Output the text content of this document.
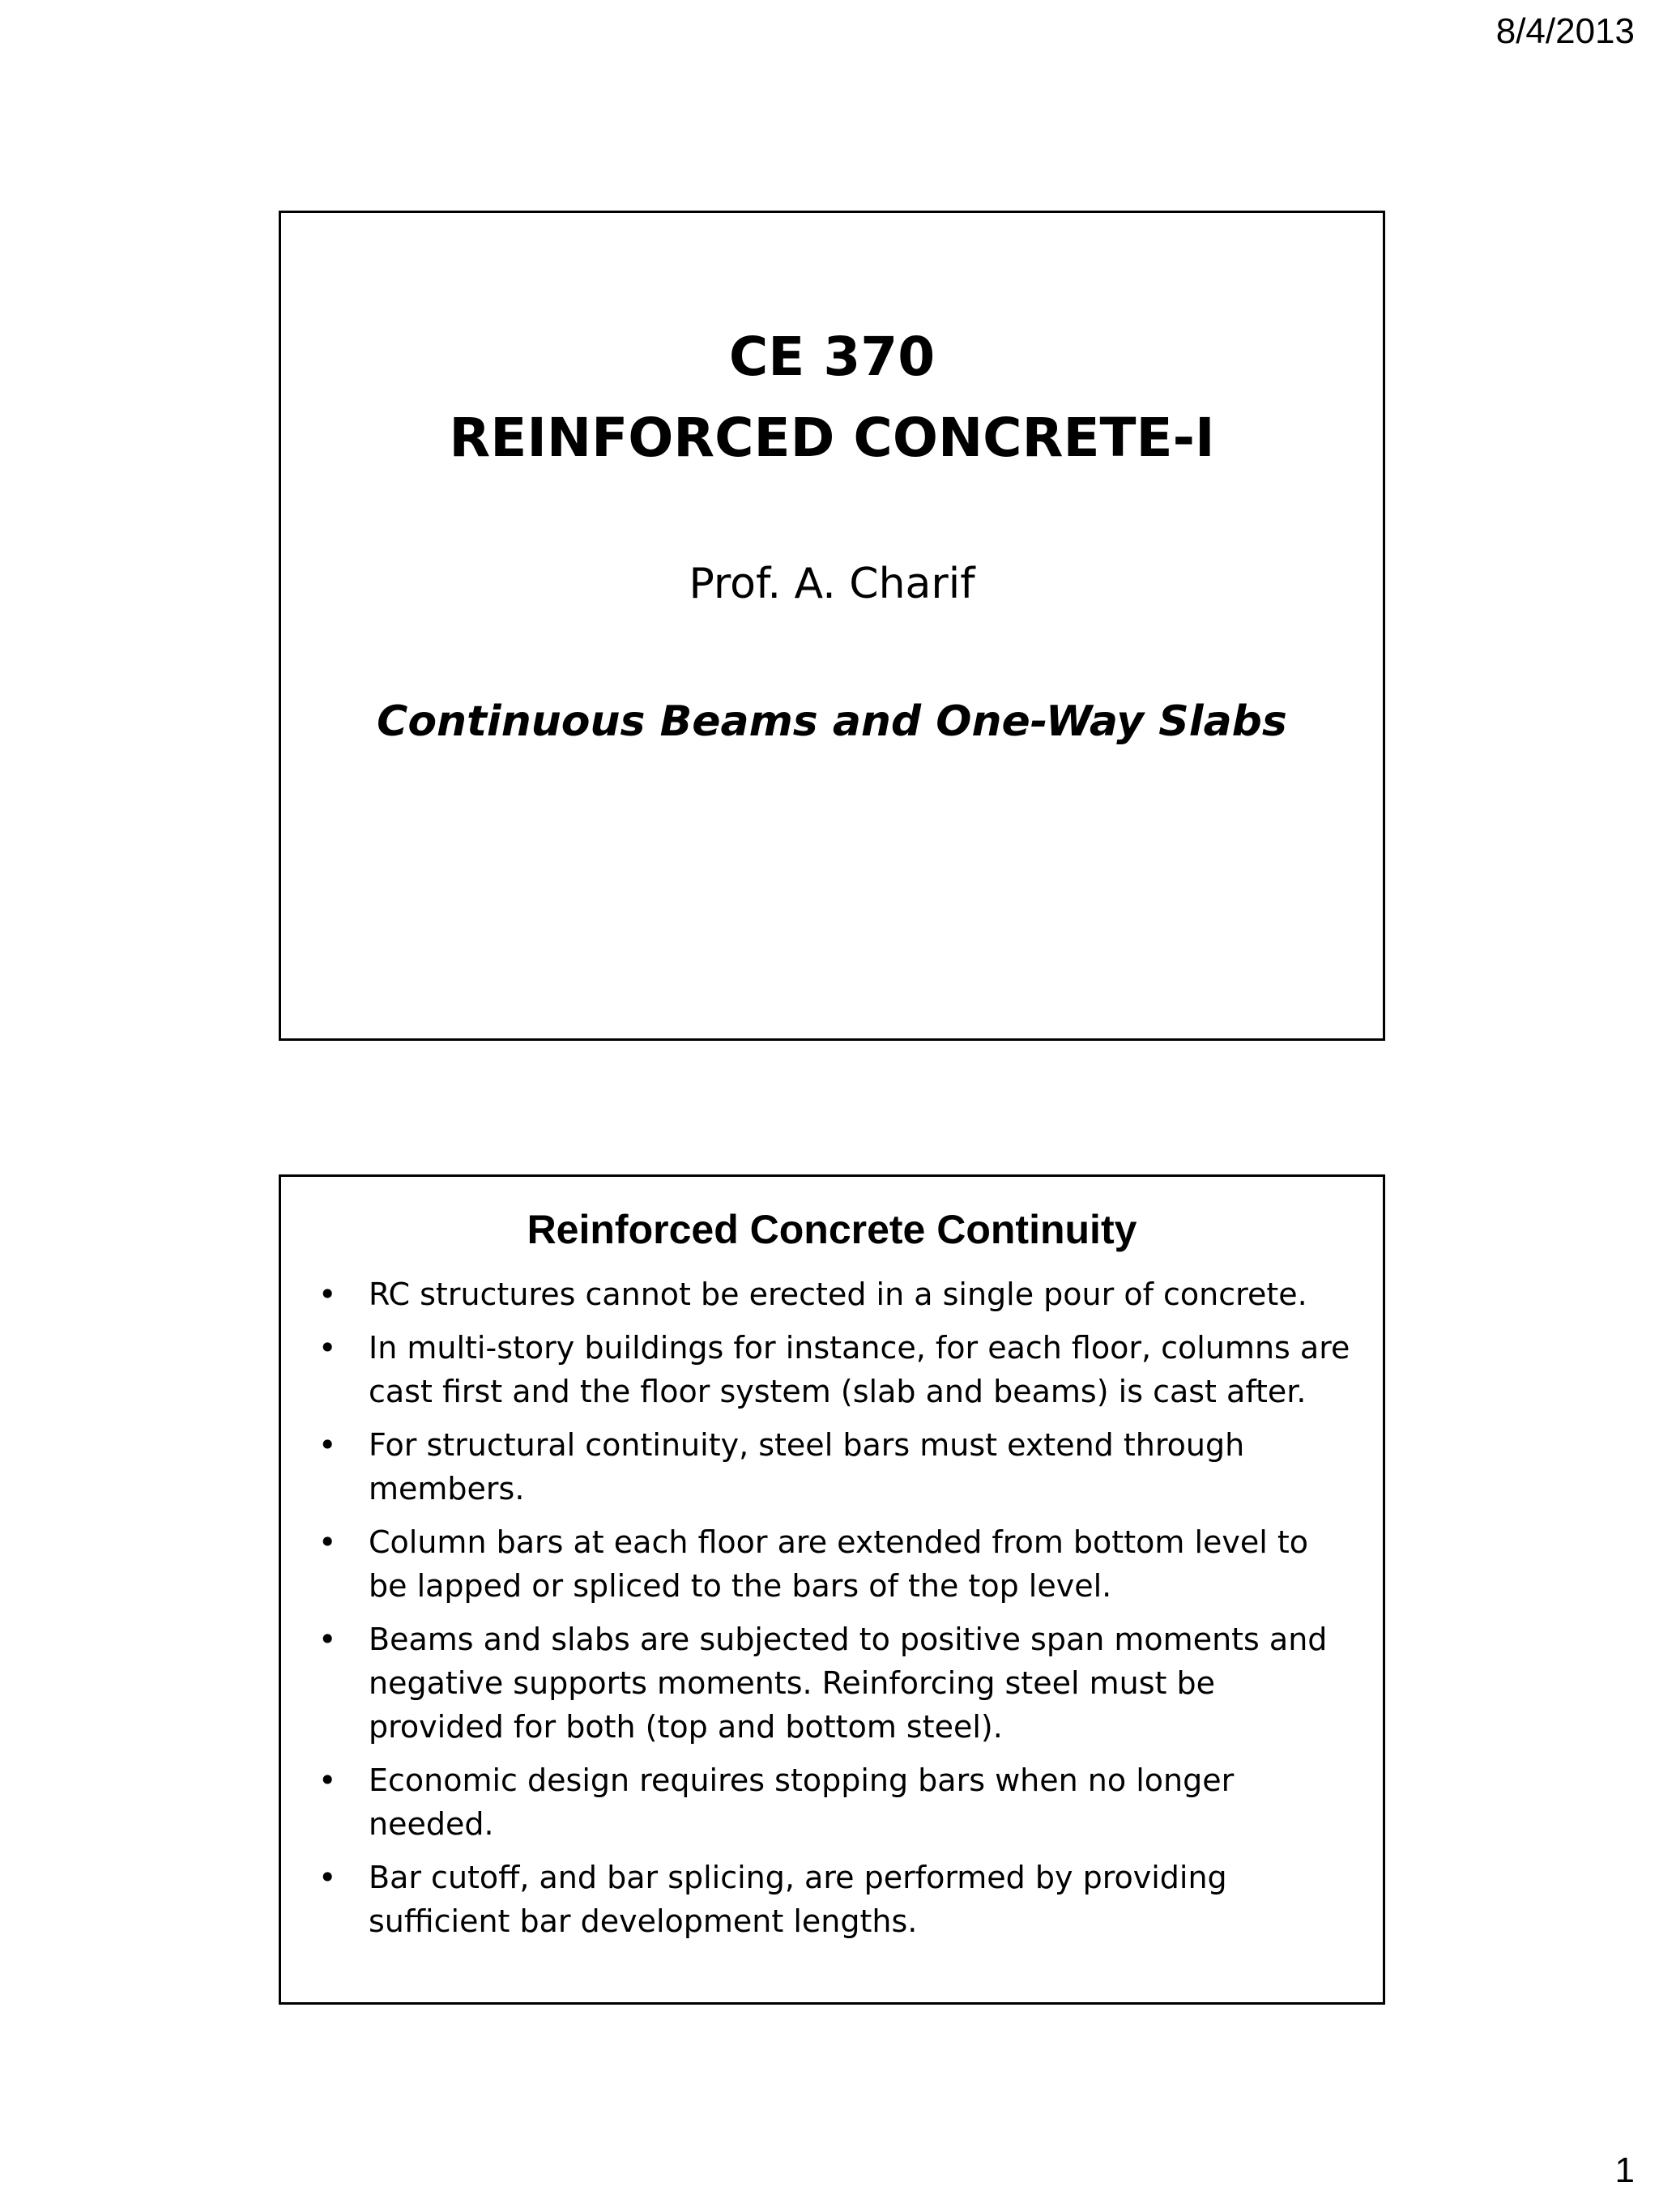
8/4/2013
CE 370
REINFORCED CONCRETE-I
Prof. A. Charif
Continuous Beams and One-Way Slabs
Reinforced Concrete Continuity
•	RC structures cannot be erected in a single pour of concrete.
•	In multi-story buildings for instance, for each floor, columns are cast first and the floor system (slab and beams) is cast after.
•	For structural continuity, steel bars must extend through members.
•	Column bars at each floor are extended from bottom level to be lapped or spliced to the bars of the top level.
•	Beams and slabs are subjected to positive span moments and negative supports moments. Reinforcing steel must be provided for both (top and bottom steel).
•	Economic design requires stopping bars when no longer needed.
•	Bar cutoff, and bar splicing, are performed by providing sufficient bar development lengths.
1
